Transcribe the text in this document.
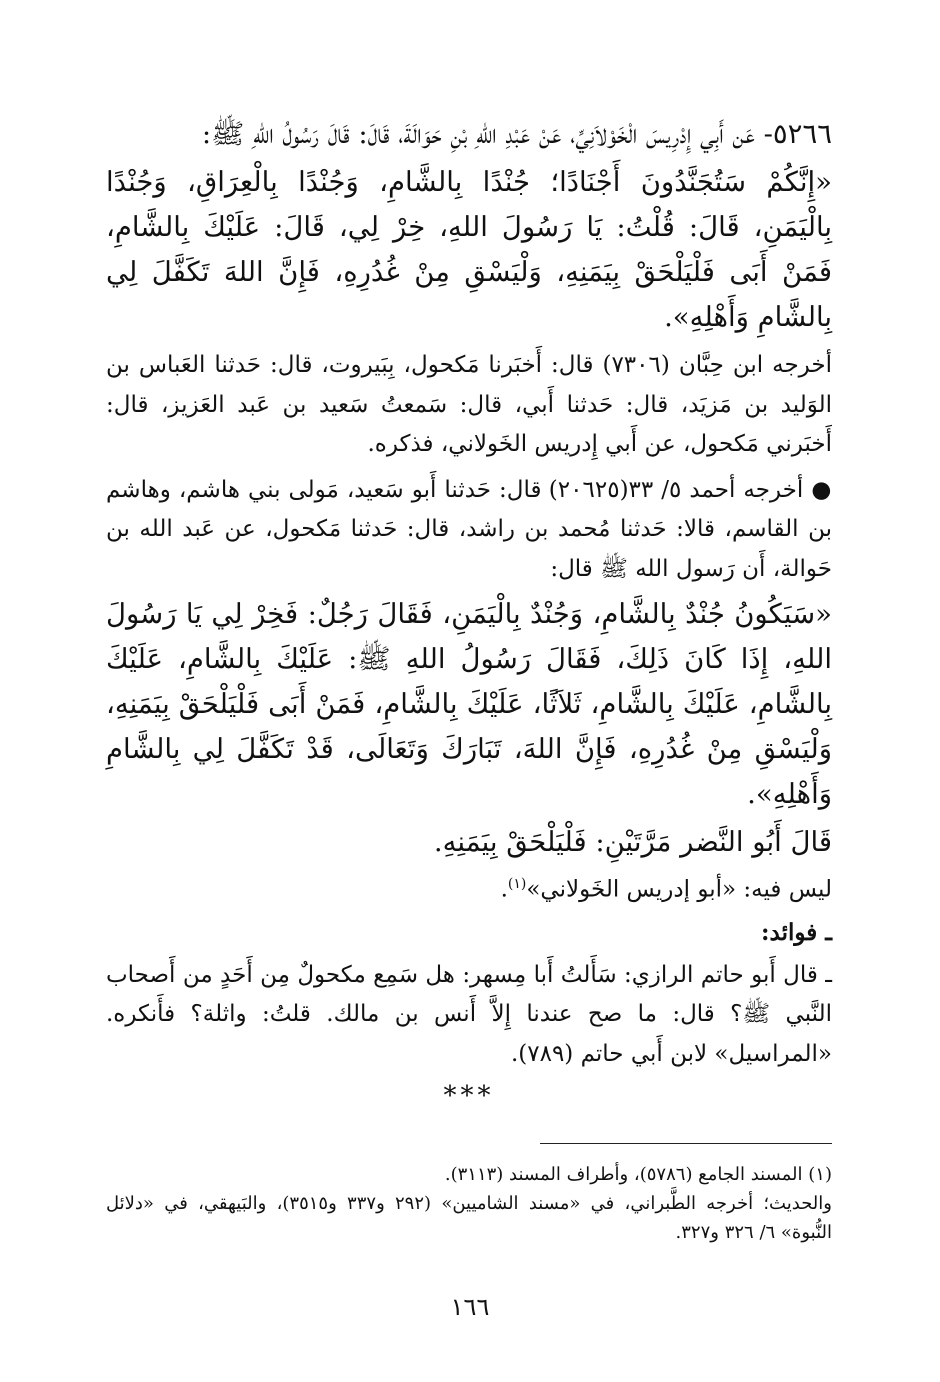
٥٢٦٦- عَن أَبِي إِدْرِيسَ الْخَوْلاَنِيِّ، عَنْ عَبْدِ اللهِ بْنِ حَوَالَةَ، قَالَ: قَالَ رَسُولُ اللهِ ﷺ:

«إِنَّكُمْ سَتُجَنَّدُونَ أَجْنَادًا؛ جُنْدًا بِالشَّامِ، وَجُنْدًا بِالْعِرَاقِ، وَجُنْدًا بِالْيَمَنِ، قَالَ: قُلْتُ: يَا رَسُولَ اللهِ، خِرْ لِي، قَالَ: عَلَيْكَ بِالشَّامِ، فَمَنْ أَبَى فَلْيَلْحَقْ بِيَمَنِهِ، وَلْيَسْقِ مِنْ غُدُرِهِ، فَإِنَّ اللهَ تَكَفَّلَ لِي بِالشَّامِ وَأَهْلِهِ».

أخرجه ابن حِبَّان (٧٣٠٦) قال: أَخبَرنا مَكحول، بِبَيروت، قال: حَدثنا العَباس بن الوَليد بن مَزيَد، قال: حَدثنا أَبي، قال: سَمعتُ سَعيد بن عَبد العَزيز، قال: أَخبَرني مَكحول، عن أَبي إِدريس الخَولاني، فذكره.

● أخرجه أحمد ٥/ ٣٣(٢٠٦٢٥) قال: حَدثنا أَبو سَعيد، مَولى بني هاشم، وهاشم بن القاسم، قالا: حَدثنا مُحمد بن راشد، قال: حَدثنا مَكحول، عن عَبد الله بن حَوالة، أَن رَسول الله ﷺ قال:

«سَيَكُونُ جُنْدٌ بِالشَّامِ، وَجُنْدٌ بِالْيَمَنِ، فَقَالَ رَجُلٌ: فَخِرْ لِي يَا رَسُولَ اللهِ، إِذَا كَانَ ذَلِكَ، فَقَالَ رَسُولُ اللهِ ﷺ: عَلَيْكَ بِالشَّامِ، عَلَيْكَ بِالشَّامِ، عَلَيْكَ بِالشَّامِ، ثَلاَثًا، عَلَيْكَ بِالشَّامِ، فَمَنْ أَبَى فَلْيَلْحَقْ بِيَمَنِهِ، وَلْيَسْقِ مِنْ غُدُرِهِ، فَإِنَّ اللهَ، تَبَارَكَ وَتَعَالَى، قَدْ تَكَفَّلَ لِي بِالشَّامِ وَأَهْلِهِ».

قَالَ أَبُو النَّضر مَرَّتَيْنِ: فَلْيَلْحَقْ بِيَمَنِهِ.

ليس فيه: «أبو إدريس الخَولاني»$^{(١)}$.

ـ فوائد:

ـ قال أَبو حاتم الرازي: سَأَلتُ أَبا مِسهر: هل سَمِع مكحولٌ مِن أَحَدٍ من أَصحاب النَّبي ﷺ؟ قال: ما صح عندنا إِلاَّ أَنس بن مالك. قلتُ: واثلة؟ فأَنكره. «المراسيل» لابن أَبي حاتم (٧٨٩).

***

(١) المسند الجامع (٥٧٨٦)، وأطراف المسند (٣١١٣).

والحديث؛ أخرجه الطَّبراني، في «مسند الشاميين» (٢٩٢ و٣٣٧ و٣٥١٥)، والبَيهقي، في «دلائل النُّبوة» ٦/ ٣٢٦ و٣٢٧.

١٦٦
